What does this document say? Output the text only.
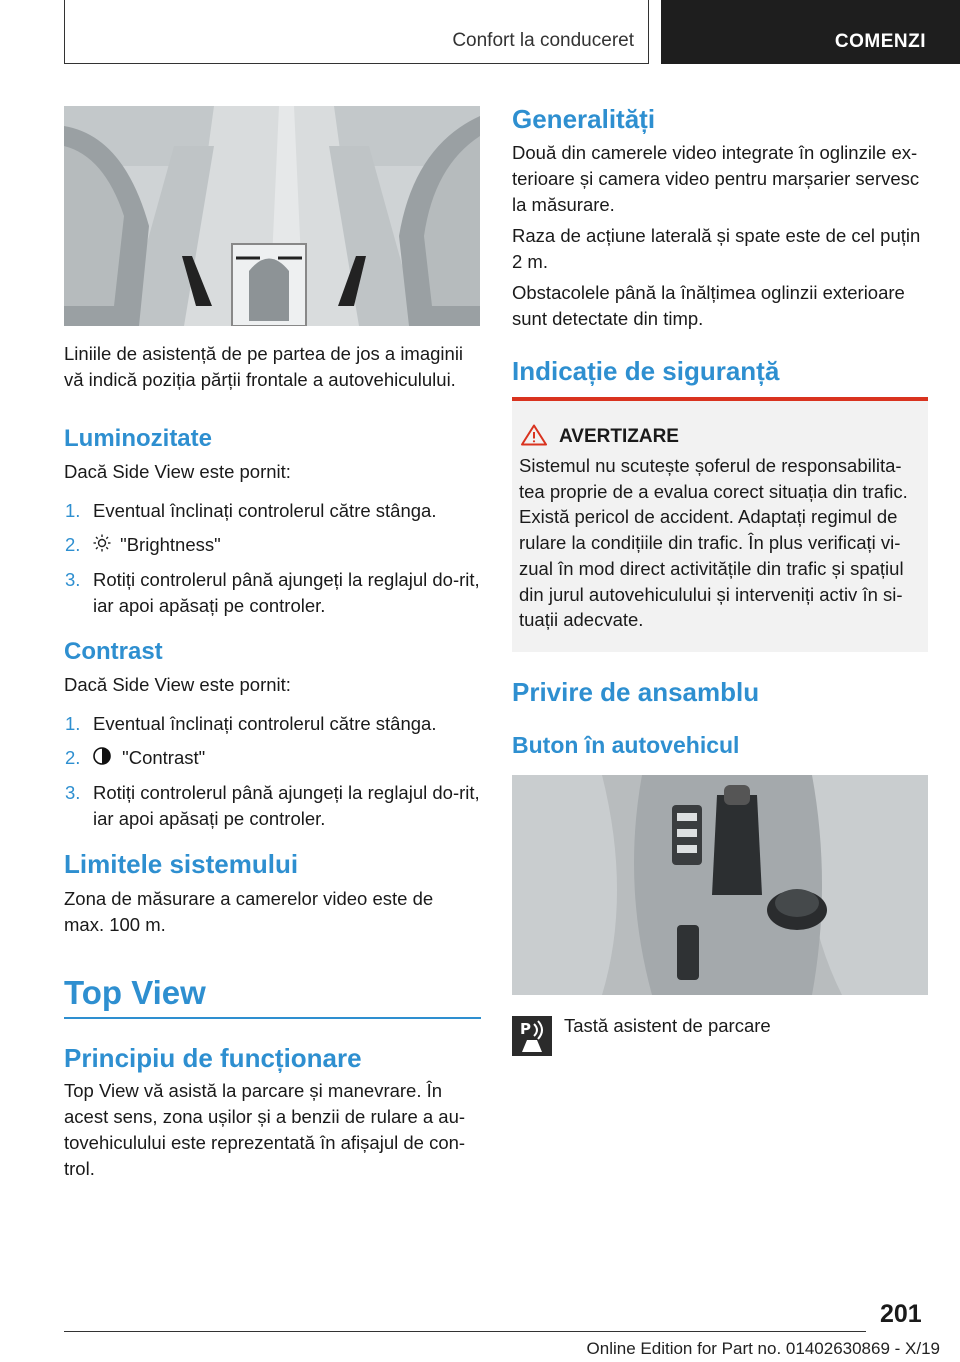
Confort la conduceret	COMENZI

Liniile de asistență de pe partea de jos a imaginii vă indică poziția părții frontale a autovehiculului.

Luminozitate

Dacă Side View este pornit:

1. Eventual înclinați controlerul către stânga.
2. "Brightness"
3. Rotiți controlerul până ajungeți la reglajul do-rit, iar apoi apăsați pe controler.
Contrast

Dacă Side View este pornit:

1. Eventual înclinați controlerul către stânga.
2. "Contrast"
3. Rotiți controlerul până ajungeți la reglajul do-rit, iar apoi apăsați pe controler.
Limitele sistemului

Zona de măsurare a camerelor video este de max. 100 m.

Top View
Principiu de funcționare

Top View vă asistă la parcare și manevrare. În acest sens, zona ușilor și a benzii de rulare a au-tovehiculului este reprezentată în afișajul de con-trol.

Generalități

Două din camerele video integrate în oglinzile ex-terioare și camera video pentru marșarier servesc la măsurare.

Raza de acțiune laterală și spate este de cel puțin 2 m.

Obstacolele până la înălțimea oglinzii exterioare sunt detectate din timp.

Indicație de siguranță

AVERTIZARE

Sistemul nu scutește șoferul de responsabilita-tea proprie de a evalua corect situația din trafic. Există pericol de accident. Adaptați regimul de rulare la condițiile din trafic. În plus verificați vi-zual în mod direct activitățile din trafic și spațiul din jurul autovehiculului și interveniți activ în si-tuații adecvate.

Privire de ansamblu
Buton în autovehicul
P Tastă asistent de parcare

201
Online Edition for Part no. 01402630869 - X/19
